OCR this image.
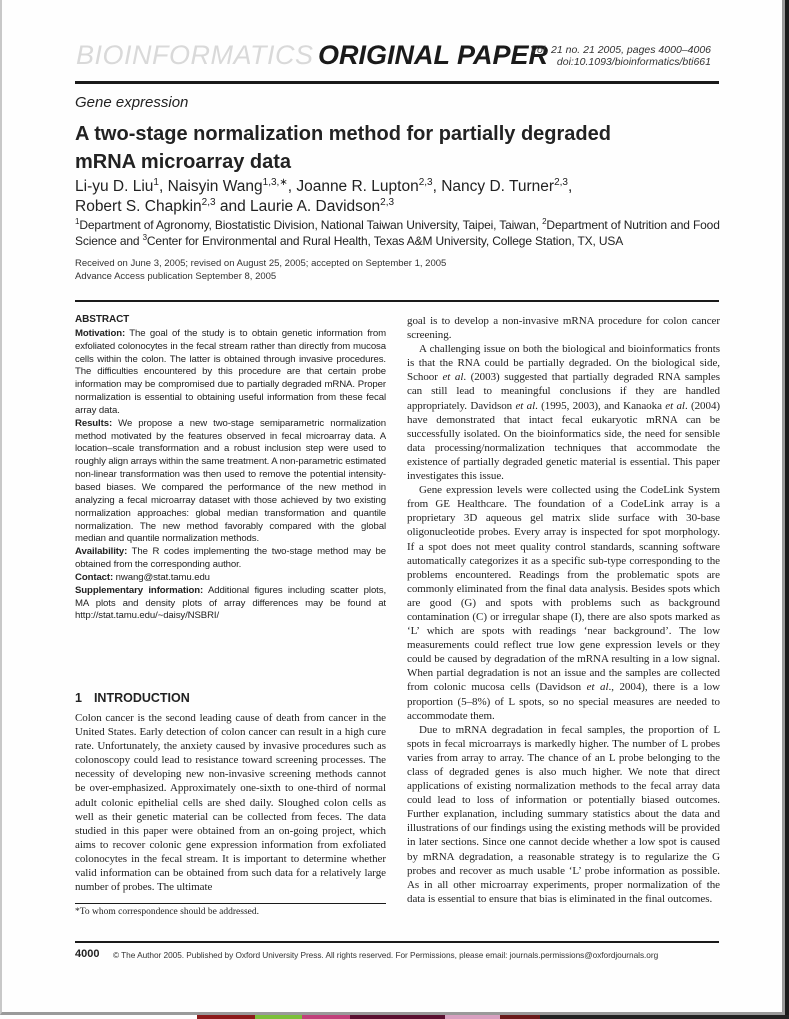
BIOINFORMATICS ORIGINAL PAPER
Vol. 21 no. 21 2005, pages 4000–4006
doi:10.1093/bioinformatics/bti661
Gene expression
A two-stage normalization method for partially degraded
mRNA microarray data
Li-yu D. Liu$^1$, Naisyin Wang$^{1,3,∗}$, Joanne R. Lupton$^{2,3}$, Nancy D. Turner$^{2,3}$,
Robert S. Chapkin$^{2,3}$ and Laurie A. Davidson$^{2,3}$
$^1$Department of Agronomy, Biostatistic Division, National Taiwan University, Taipei, Taiwan, $^2$Department of Nutrition and Food Science and $^3$Center for Environmental and Rural Health, Texas A&M University, College Station, TX, USA
Received on June 3, 2005; revised on August 25, 2005; accepted on September 1, 2005
Advance Access publication September 8, 2005
ABSTRACT

Motivation: The goal of the study is to obtain genetic information from exfoliated colonocytes in the fecal stream rather than directly from mucosa cells within the colon. The latter is obtained through invasive procedures. The difficulties encountered by this procedure are that certain probe information may be compromised due to partially degraded mRNA. Proper normalization is essential to obtaining useful information from these fecal array data.

Results: We propose a new two-stage semiparametric normalization method motivated by the features observed in fecal microarray data. A location–scale transformation and a robust inclusion step were used to roughly align arrays within the same treatment. A non-parametric estimated non-linear transformation was then used to remove the potential intensity-based biases. We compared the performance of the new method in analyzing a fecal microarray dataset with those achieved by two existing normalization approaches: global median transformation and quantile normalization. The new method favorably compared with the global median and quantile normalization methods.

Availability: The R codes implementing the two-stage method may be obtained from the corresponding author.

Contact: nwang@stat.tamu.edu

Supplementary information: Additional figures including scatter plots, MA plots and density plots of array differences may be found at http://stat.tamu.edu/~daisy/NSBRI/

1 INTRODUCTION

Colon cancer is the second leading cause of death from cancer in the United States. Early detection of colon cancer can result in a high cure rate. Unfortunately, the anxiety caused by invasive procedures such as colonoscopy could lead to resistance toward screening processes. The necessity of developing new non-invasive screening methods cannot be over-emphasized. Approximately one-sixth to one-third of normal adult colonic epithelial cells are shed daily. Sloughed colon cells as well as their genetic material can be collected from feces. The data studied in this paper were obtained from an on-going project, which aims to recover colonic gene expression information from exfoliated colonocytes in the fecal stream. It is important to determine whether valid information can be obtained from such data for a relatively large number of probes. The ultimate

goal is to develop a non-invasive mRNA procedure for colon cancer screening.

A challenging issue on both the biological and bioinformatics fronts is that the RNA could be partially degraded. On the biological side, Schoor et al. (2003) suggested that partially degraded RNA samples can still lead to meaningful conclusions if they are handled appropriately. Davidson et al. (1995, 2003), and Kanaoka et al. (2004) have demonstrated that intact fecal eukaryotic mRNA can be successfully isolated. On the bioinformatics side, the need for sensible data processing/normalization techniques that accommodate the existence of partially degraded genetic material is essential. This paper investigates this issue.

Gene expression levels were collected using the CodeLink System from GE Healthcare. The foundation of a CodeLink array is a proprietary 3D aqueous gel matrix slide surface with 30-base oligonucleotide probes. Every array is inspected for spot morphology. If a spot does not meet quality control standards, scanning software automatically categorizes it as a specific sub-type corresponding to the problems encountered. Readings from the problematic spots are commonly eliminated from the final data analysis. Besides spots which are good (G) and spots with problems such as background contamination (C) or irregular shape (I), there are also spots marked as ‘L’ which are spots with readings ‘near background’. The low measurements could reflect true low gene expression levels or they could be caused by degradation of the mRNA resulting in a low signal. When partial degradation is not an issue and the samples are collected from colonic mucosa cells (Davidson et al., 2004), there is a low proportion (5–8%) of L spots, so no special measures are needed to accommodate them.

Due to mRNA degradation in fecal samples, the proportion of L spots in fecal microarrays is markedly higher. The number of L probes varies from array to array. The chance of an L probe belonging to the class of degraded genes is also much higher. We note that direct applications of existing normalization methods to the fecal array data could lead to loss of information or potentially biased outcomes. Further explanation, including summary statistics about the data and illustrations of our findings using the existing methods will be provided in later sections. Since one cannot decide whether a low spot is caused by mRNA degradation, a reasonable strategy is to regularize the G probes and recover as much usable ‘L’ probe information as possible. As in all other microarray experiments, proper normalization of the data is essential to ensure that bias is eliminated in the final outcomes.

*To whom correspondence should be addressed.
4000 © The Author 2005. Published by Oxford University Press. All rights reserved. For Permissions, please email: journals.permissions@oxfordjournals.org
